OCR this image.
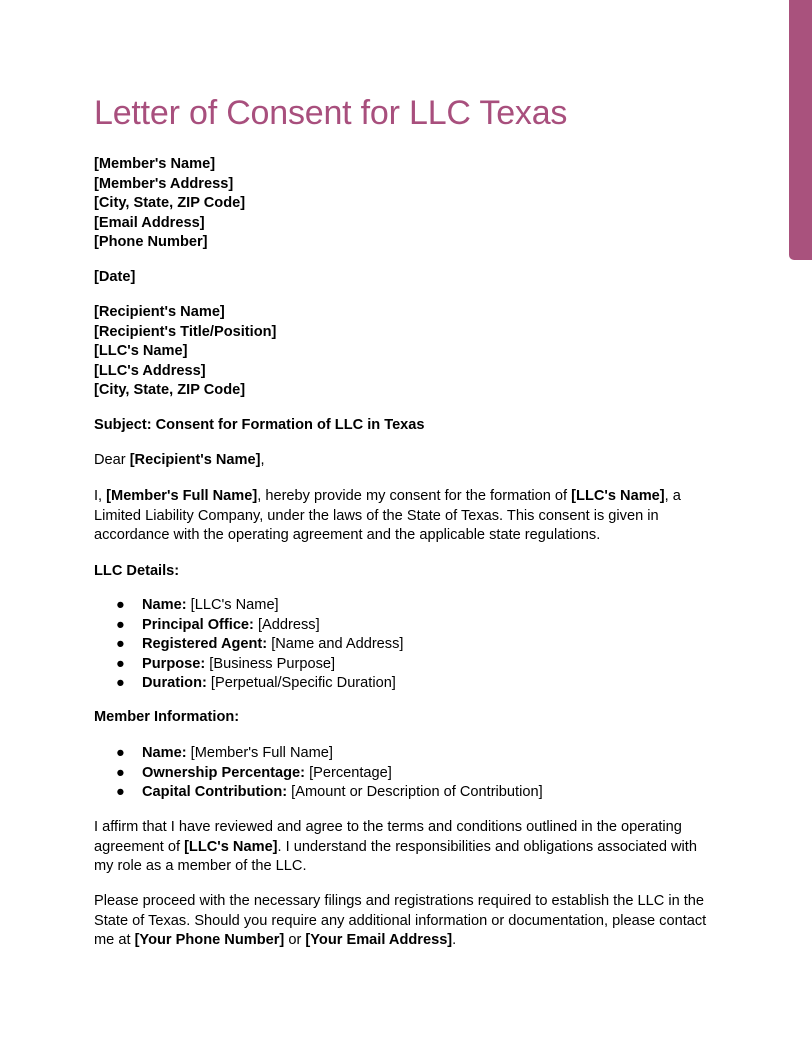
Letter of Consent for LLC Texas
[Member's Name]
[Member's Address]
[City, State, ZIP Code]
[Email Address]
[Phone Number]
[Date]
[Recipient's Name]
[Recipient's Title/Position]
[LLC's Name]
[LLC's Address]
[City, State, ZIP Code]
Subject: Consent for Formation of LLC in Texas
Dear [Recipient's Name],
I, [Member's Full Name], hereby provide my consent for the formation of [LLC's Name], a
Limited Liability Company, under the laws of the State of Texas. This consent is given in
accordance with the operating agreement and the applicable state regulations.
LLC Details:
● Name: [LLC's Name]
● Principal Office: [Address]
● Registered Agent: [Name and Address]
● Purpose: [Business Purpose]
● Duration: [Perpetual/Specific Duration]
Member Information:
● Name: [Member's Full Name]
● Ownership Percentage: [Percentage]
● Capital Contribution: [Amount or Description of Contribution]
I affirm that I have reviewed and agree to the terms and conditions outlined in the operating
agreement of [LLC's Name]. I understand the responsibilities and obligations associated with
my role as a member of the LLC.
Please proceed with the necessary filings and registrations required to establish the LLC in the
State of Texas. Should you require any additional information or documentation, please contact
me at [Your Phone Number] or [Your Email Address].
